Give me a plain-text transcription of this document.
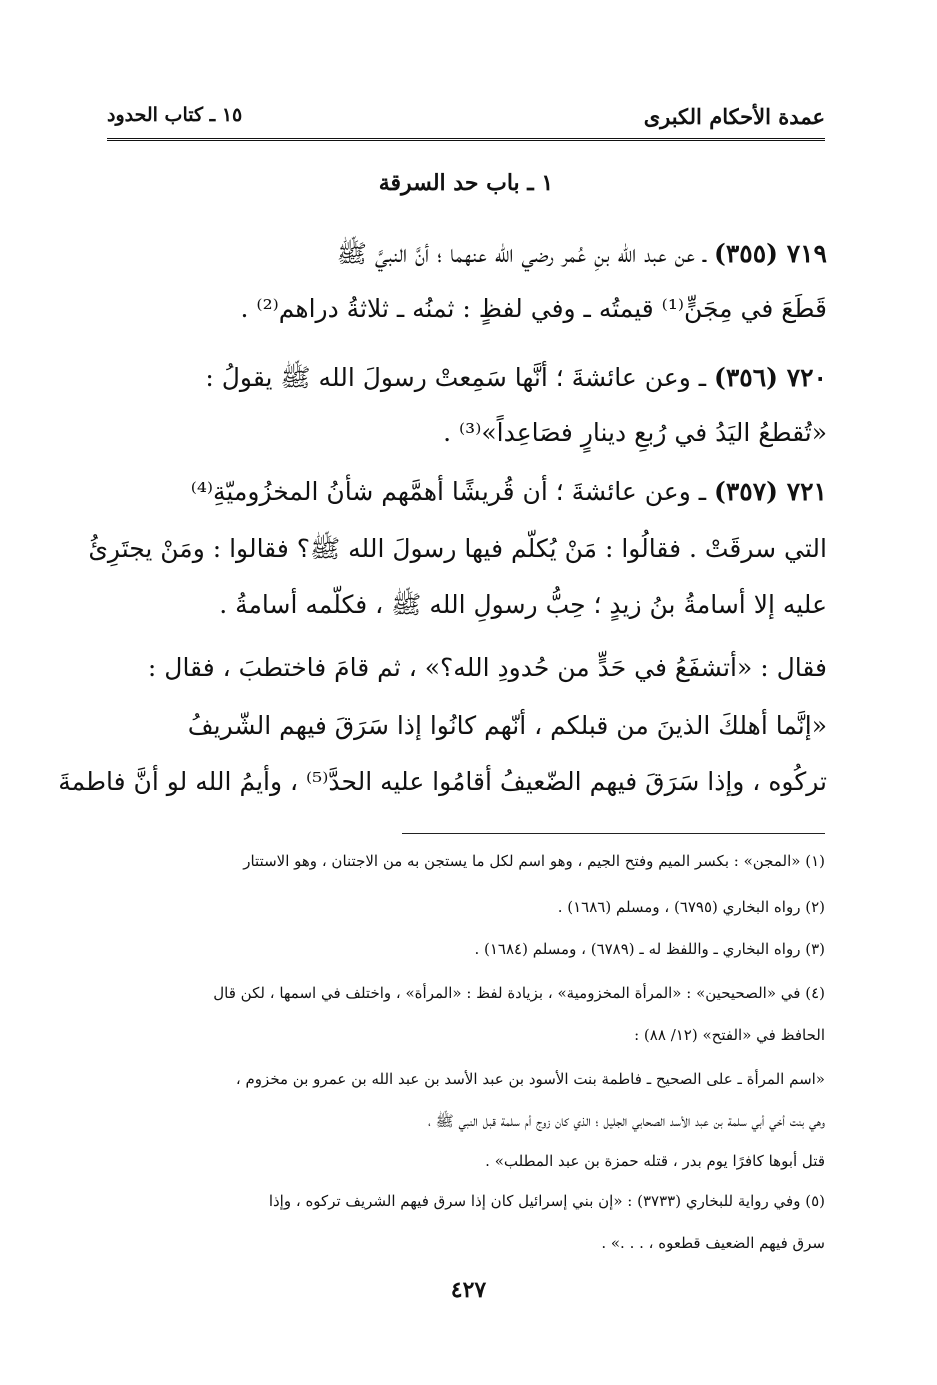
عمدة الأحكام الكبرى
١٥ ـ كتاب الحدود
١ ـ باب حد السرقة
٧١٩ (٣٥٥) ـ عن عبد الله بنِ عُمر رضي الله عنهما ؛ أنَّ النبيَّ ﷺ
قَطَعَ في مِجَنٍّ⁽¹⁾ قيمتُه ـ وفي لفظٍ : ثمنُه ـ ثلاثةُ دراهم⁽²⁾ .
٧٢٠ (٣٥٦) ـ وعن عائشةَ ؛ أنَّها سَمِعتْ رسولَ الله ﷺ يقولُ :
«تُقطعُ اليَدُ في رُبعِ دينارٍ فصَاعِداً»⁽³⁾ .
٧٢١ (٣٥٧) ـ وعن عائشةَ ؛ أن قُريشًا أهمَّهم شأنُ المخزُوميّةِ⁽⁴⁾
التي سرقَتْ . فقالُوا : مَنْ يُكلّم فيها رسولَ الله ﷺ؟ فقالوا : ومَنْ يجتَرِئُ
عليه إلا أسامةُ بنُ زيدٍ ؛ حِبُّ رسولِ الله ﷺ ، فكلّمه أسامةُ .
فقال : «أتشفَعُ في حَدٍّ من حُدودِ الله؟» ، ثم قامَ فاختطبَ ، فقال :
«إنَّما أهلكَ الذينَ من قبلكم ، أنّهم كانُوا إذا سَرَقَ فيهم الشّريفُ
تركُوه ، وإذا سَرَقَ فيهم الضّعيفُ أقامُوا عليه الحدَّ⁽⁵⁾ ، وأيمُ الله لو أنَّ فاطمةَ
(١) «المجن» : بكسر الميم وفتح الجيم ، وهو اسم لكل ما يستجن به من الاجتنان ، وهو الاستتار
(٢) رواه البخاري (٦٧٩٥) ، ومسلم (١٦٨٦) .
(٣) رواه البخاري ـ واللفظ له ـ (٦٧٨٩) ، ومسلم (١٦٨٤) .
(٤) في «الصحيحين» : «المرأة المخزومية» ، بزيادة لفظ : «المرأة» ، واختلف في اسمها ، لكن قال
الحافظ في «الفتح» (١٢/ ٨٨) :
«اسم المرأة ـ على الصحيح ـ فاطمة بنت الأسود بن عبد الأسد بن عبد الله بن عمرو بن مخزوم ،
وهي بنت أخي أبي سلمة بن عبد الأسد الصحابي الجليل ؛ الذي كان زوج أم سلمة قبل النبي ﷺ ،
قتل أبوها كافرًا يوم بدر ، قتله حمزة بن عبد المطلب» .
(٥) وفي رواية للبخاري (٣٧٣٣) : «إن بني إسرائيل كان إذا سرق فيهم الشريف تركوه ، وإذا
سرق فيهم الضعيف قطعوه ، . . .» .
٤٢٧
